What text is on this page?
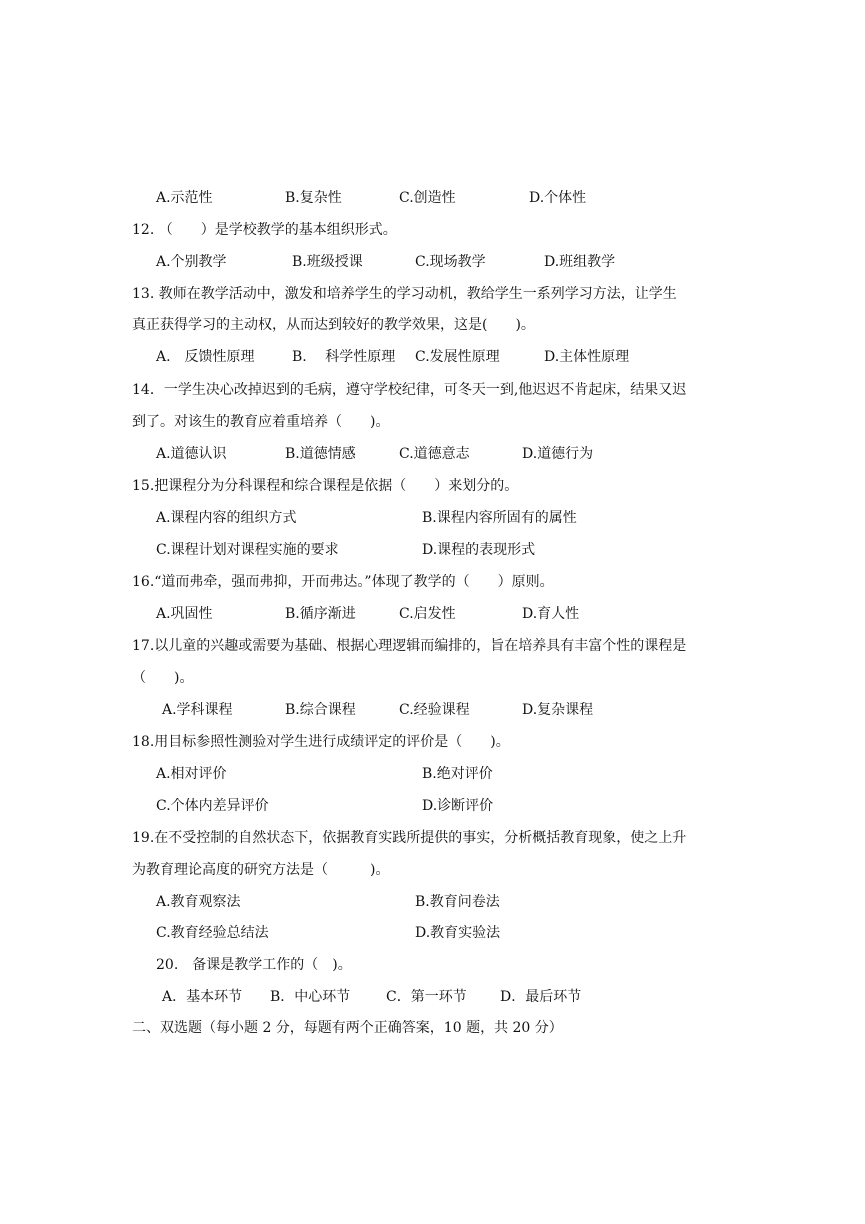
A.示范性	B.复杂性	C.创造性	D.个体性
12. （　　）是学校教学的基本组织形式。
A.个别教学	B.班级授课	C.现场教学	D.班组教学
13. 教师在教学活动中，激发和培养学生的学习动机，教给学生一系列学习方法，让学生
真正获得学习的主动权，从而达到较好的教学效果，这是(　　)。
A.　反馈性原理	B.　 科学性原理 C.发展性原理	D.主体性原理
14．一学生决心改掉迟到的毛病，遵守学校纪律，可冬天一到,他迟迟不肯起床，结果又迟
到了。对该生的教育应着重培养（　　)。
A.道德认识	B.道德情感	C.道德意志	D.道德行为
15.把课程分为分科课程和综合课程是依据（　　）来划分的。
A.课程内容的组织方式	B.课程内容所固有的属性
C.课程计划对课程实施的要求	D.课程的表现形式
16.“道而弗牵，强而弗抑，开而弗达。”体现了教学的（　　）原则。
A.巩固性	B.循序渐进	C.启发性	D.育人性
17.以儿童的兴趣或需要为基础、根据心理逻辑而编排的，旨在培养具有丰富个性的课程是
（　　)。
A.学科课程	B.综合课程	C.经验课程	D.复杂课程
18.用目标参照性测验对学生进行成绩评定的评价是（　　)。
A.相对评价	B.绝对评价
C.个体内差异评价	D.诊断评价
19.在不受控制的自然状态下，依据教育实践所提供的事实，分析概括教育现象，使之上升
为教育理论高度的研究方法是（　　　)。
A.教育观察法	B.教育问卷法
C.教育经验总结法	D.教育实验法
20.　备课是教学工作的（　)。
A．基本环节 B．中心环节	C．第一环节 D．最后环节
二、双选题（每小题 2 分，每题有两个正确答案，10 题，共 20 分）
